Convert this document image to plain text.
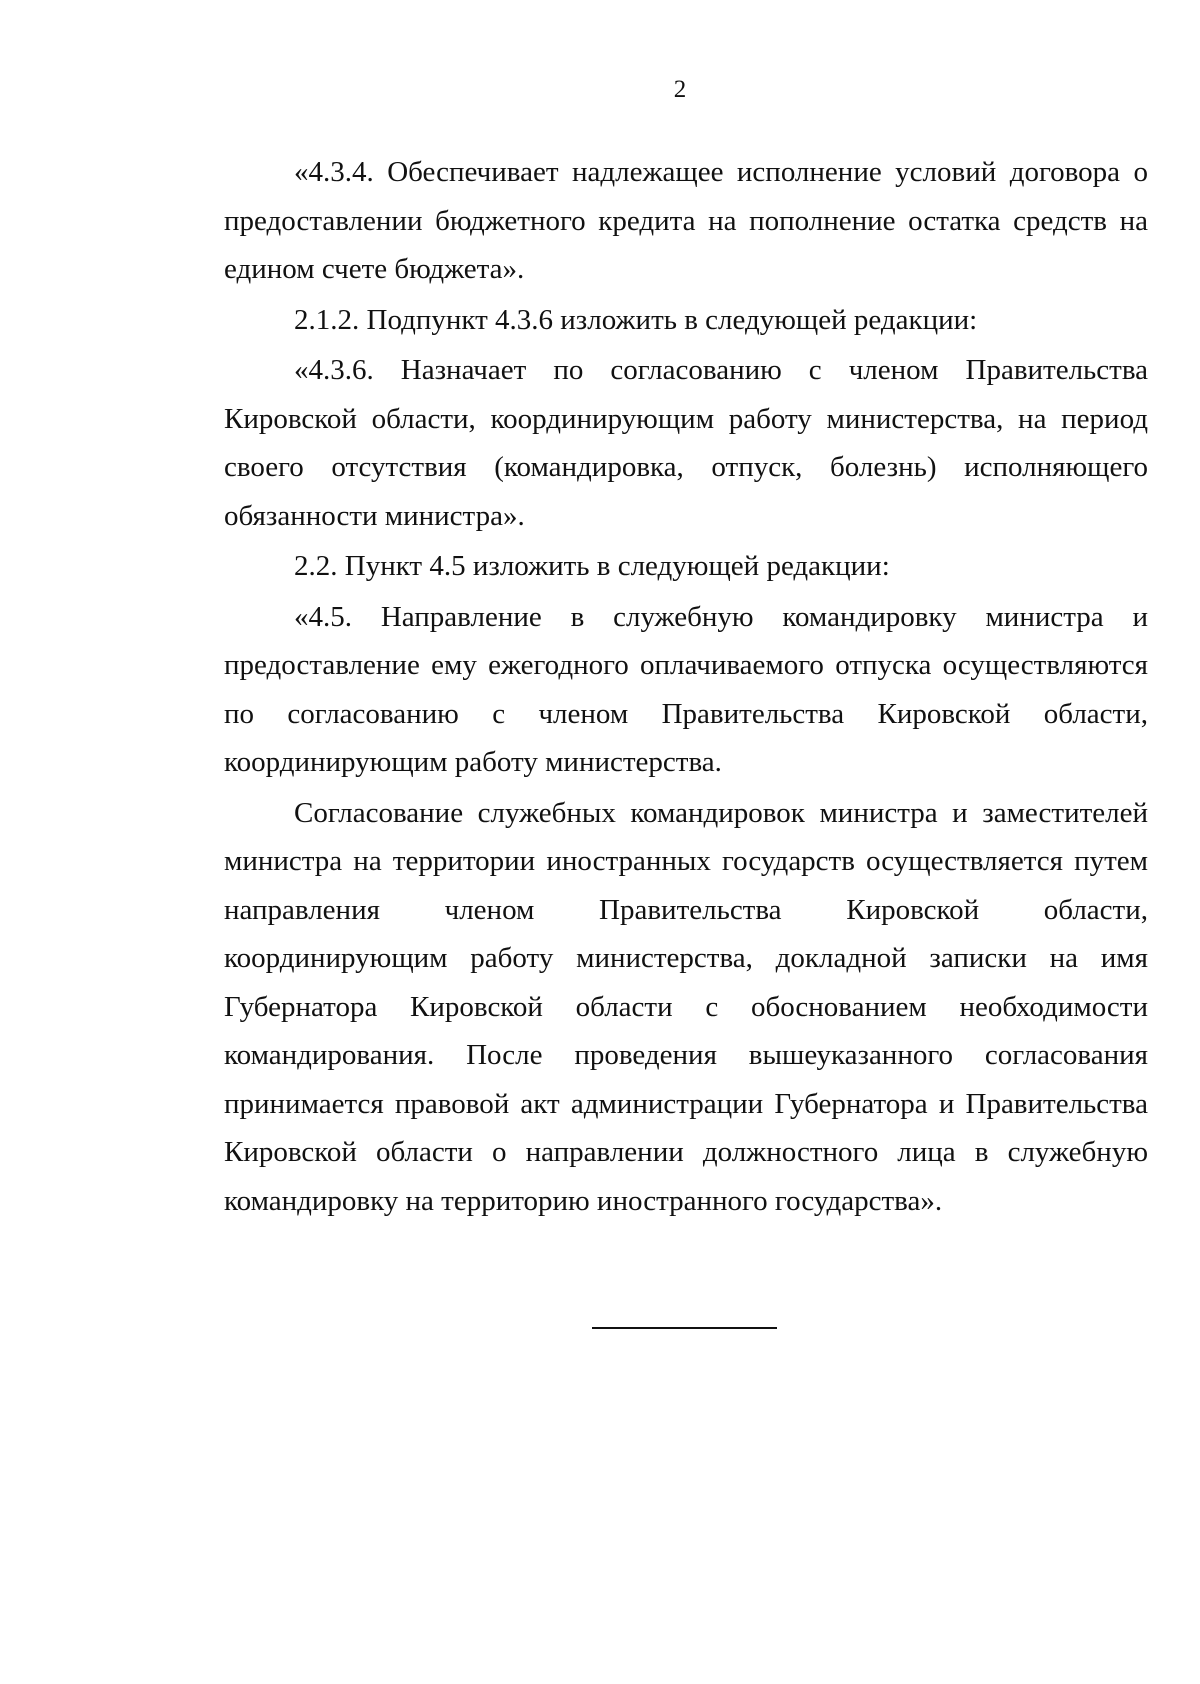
2

«4.3.4. Обеспечивает надлежащее исполнение условий договора о предоставлении бюджетного кредита на пополнение остатка средств на едином счете бюджета».

2.1.2. Подпункт 4.3.6 изложить в следующей редакции:

«4.3.6. Назначает по согласованию с членом Правительства Кировской области, координирующим работу министерства, на период своего отсутствия (командировка, отпуск, болезнь) исполняющего обязанности министра».

2.2. Пункт 4.5 изложить в следующей редакции:

«4.5. Направление в служебную командировку министра и предоставление ему ежегодного оплачиваемого отпуска осуществляются по согласованию с членом Правительства Кировской области, координирующим работу министерства.

Согласование служебных командировок министра и заместителей министра на территории иностранных государств осуществляется путем направления членом Правительства Кировской области, координирующим работу министерства, докладной записки на имя Губернатора Кировской области с обоснованием необходимости командирования. После проведения вышеуказанного согласования принимается правовой акт администрации Губернатора и Правительства Кировской области о направлении должностного лица в служебную командировку на территорию иностранного государства».
